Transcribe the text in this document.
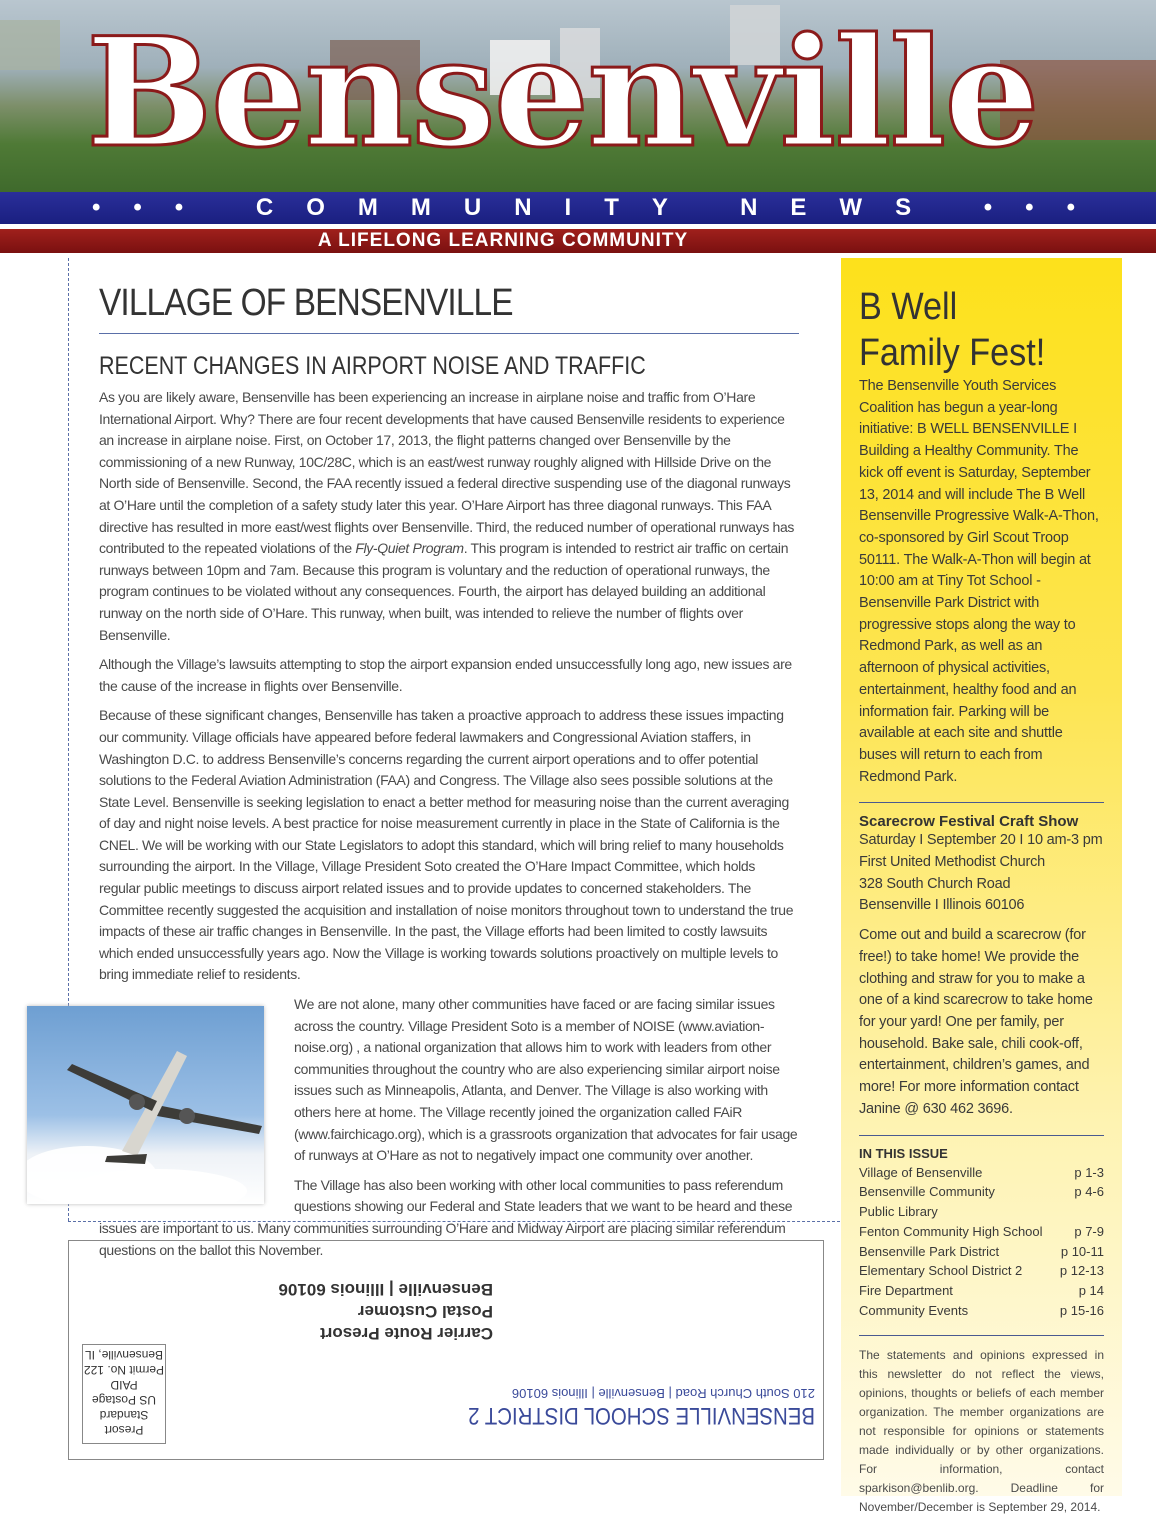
Bensenville
••• COMMUNITY NEWS •••
A LIFELONG LEARNING COMMUNITY
VILLAGE OF BENSENVILLE
RECENT CHANGES IN AIRPORT NOISE AND TRAFFIC

As you are likely aware, Bensenville has been experiencing an increase in airplane noise and traffic from O’Hare International Airport. Why? There are four recent developments that have caused Bensenville residents to experience an increase in airplane noise. First, on October 17, 2013, the flight patterns changed over Bensenville by the commissioning of a new Runway, 10C/28C, which is an east/west runway roughly aligned with Hillside Drive on the North side of Bensenville. Second, the FAA recently issued a federal directive suspending use of the diagonal runways at O’Hare until the completion of a safety study later this year. O’Hare Airport has three diagonal runways. This FAA directive has resulted in more east/west flights over Bensenville. Third, the reduced number of operational runways has contributed to the repeated violations of the Fly-Quiet Program. This program is intended to restrict air traffic on certain runways between 10pm and 7am. Because this program is voluntary and the reduction of operational runways, the program continues to be violated without any consequences. Fourth, the airport has delayed building an additional runway on the north side of O’Hare. This runway, when built, was intended to relieve the number of flights over Bensenville.

Although the Village’s lawsuits attempting to stop the airport expansion ended unsuccessfully long ago, new issues are the cause of the increase in flights over Bensenville.

Because of these significant changes, Bensenville has taken a proactive approach to address these issues impacting our community. Village officials have appeared before federal lawmakers and Congressional Aviation staffers, in Washington D.C. to address Bensenville’s concerns regarding the current airport operations and to offer potential solutions to the Federal Aviation Administration (FAA) and Congress. The Village also sees possible solutions at the State Level. Bensenville is seeking legislation to enact a better method for measuring noise than the current averaging of day and night noise levels. A best practice for noise measurement currently in place in the State of California is the CNEL. We will be working with our State Legislators to adopt this standard, which will bring relief to many households surrounding the airport. In the Village, Village President Soto created the O’Hare Impact Committee, which holds regular public meetings to discuss airport related issues and to provide updates to concerned stakeholders. The Committee recently suggested the acquisition and installation of noise monitors throughout town to understand the true impacts of these air traffic changes in Bensenville. In the past, the Village efforts had been limited to costly lawsuits which ended unsuccessfully years ago. Now the Village is working towards solutions proactively on multiple levels to bring immediate relief to residents.

We are not alone, many other communities have faced or are facing similar issues across the country. Village President Soto is a member of NOISE (www.aviation-noise.org) , a national organization that allows him to work with leaders from other communities throughout the country who are also experiencing similar airport noise issues such as Minneapolis, Atlanta, and Denver. The Village is also working with others here at home. The Village recently joined the organization called FAiR (www.fairchicago.org), which is a grassroots organization that advocates for fair usage of runways at O’Hare as not to negatively impact one community over another.

The Village has also been working with other local communities to pass referendum questions showing our Federal and State leaders that we want to be heard and these issues are important to us. Many communities surrounding O’Hare and Midway Airport are placing similar referendum questions on the ballot this November.

B Well
Family Fest!

The Bensenville Youth Services Coalition has begun a year-long initiative: B WELL BENSENVILLE I Building a Healthy Community. The kick off event is Saturday, September 13, 2014 and will include The B Well Bensenville Progressive Walk-A-Thon, co-sponsored by Girl Scout Troop 50111. The Walk-A-Thon will begin at 10:00 am at Tiny Tot School - Bensenville Park District with progressive stops along the way to Redmond Park, as well as an afternoon of physical activities, entertainment, healthy food and an information fair. Parking will be available at each site and shuttle buses will return to each from Redmond Park.

Scarecrow Festival Craft Show
Saturday I September 20 I 10 am-3 pm
First United Methodist Church
328 South Church Road
Bensenville I Illinois 60106

Come out and build a scarecrow (for free!) to take home! We provide the clothing and straw for you to make a one of a kind scarecrow to take home for your yard! One per family, per household. Bake sale, chili cook-off, entertainment, children’s games, and more! For more information contact Janine @ 630 462 3696.

IN THIS ISSUE
Village of Bensenville	p 1-3
Bensenville Community	p 4-6
Public Library
Fenton Community High School p 7-9
Bensenville Park District	p 10-11
Elementary School District 2	p 12-13
Fire Department	p 14
Community Events	p 15-16

The statements and opinions expressed in this newsletter do not reflect the views, opinions, thoughts or beliefs of each member organization. The member organizations are not responsible for opinions or statements made individually or by other organizations. For information, contact sparkison@benlib.org. Deadline for November/December is September 29, 2014.

BENSENVILLE SCHOOL DISTRICT 2
210 South Church Road | Bensenville | Illinois 60106
Carrier Route Presort
Postal Customer
Bensenville | Illinois 60106
Presort Standard
US Postage
PAID
Permit No. 122
Bensenville, IL
